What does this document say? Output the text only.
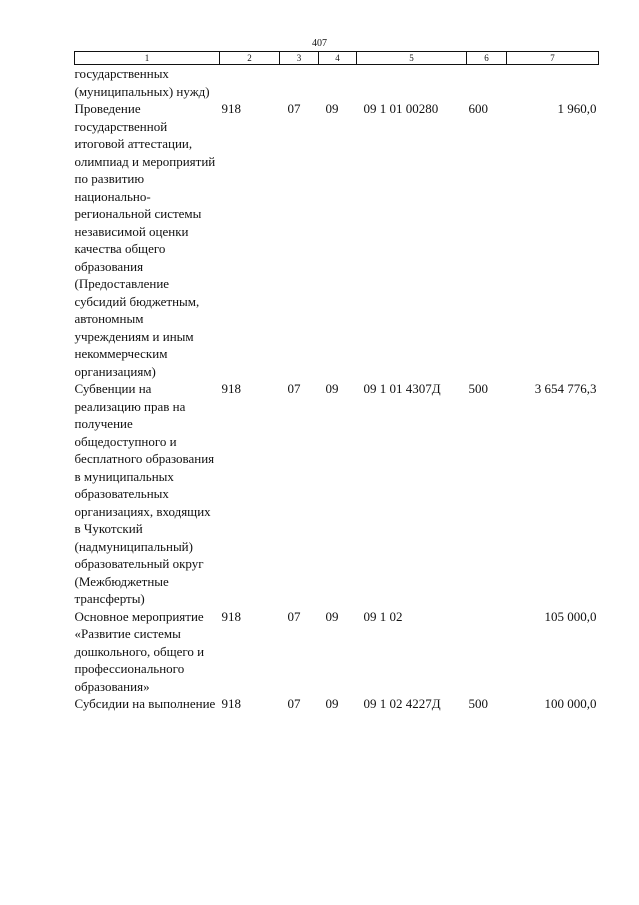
407
1	2	3	4	5	6	7
государственных (муниципальных) нужд)						
Проведение государственной итоговой аттестации, олимпиад и мероприятий по развитию национально-региональной системы независимой оценки качества общего образования (Предоставление субсидий бюджетным, автономным учреждениям и иным некоммерческим организациям)	918	07	09	09 1 01 00280	600	1 960,0
Субвенции на реализацию прав на получение общедоступного и бесплатного образования в муниципальных образовательных организациях, входящих в Чукотский (надмуниципальный) образовательный округ (Межбюджетные трансферты)	918	07	09	09 1 01 4307Д	500	3 654 776,3
Основное мероприятие «Развитие системы дошкольного, общего и профессионального образования»	918	07	09	09 1 02		105 000,0
Субсидии на выполнение	918	07	09	09 1 02 4227Д	500	100 000,0
